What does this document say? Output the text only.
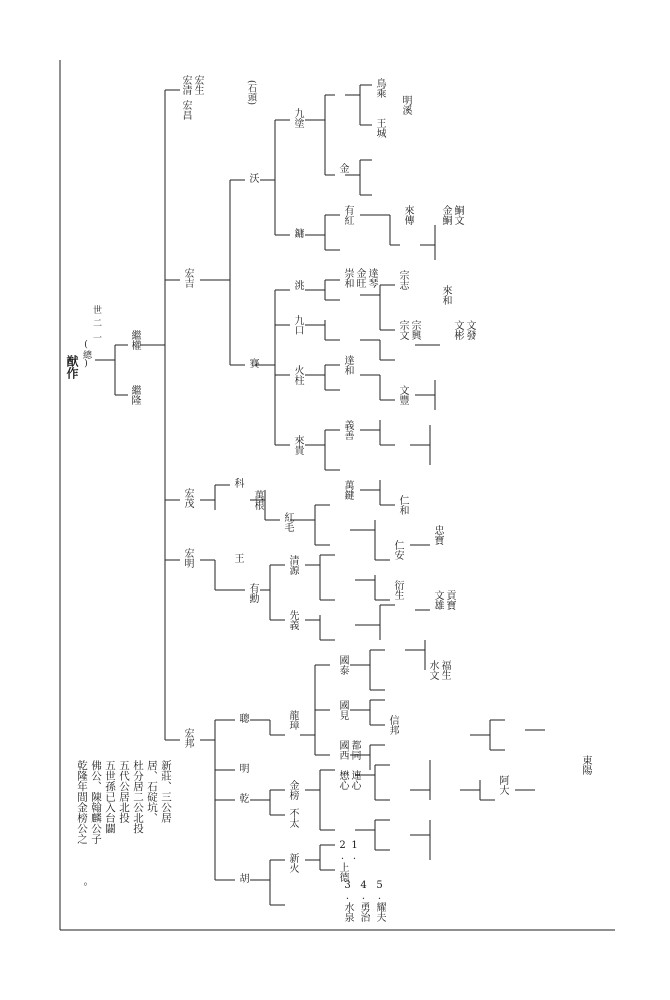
二
一
世
猷作 (總)	繼權
繼隆
(石頭)
宏昌
宏清 宏生
宏吉
宏茂
宏明
宏邦
沃
鏞
賽
科
王
有勳
聰
明
乾
胡
九塗
金
洮
九口
火柱
來貴
萬根
紅毛
清源
先義
龍璋
金榜
不太
新火
鳥乘
王城
明溪
有紅	來傳	金鮦 鮦文
崇和 金旺 達琴 宗志
來和
文彬 文發
宗文 宗興
達和
文豐
義善
萬鍵
仁和
忠寶
衍生
仁安
文雄 貢寶
國泰
國見
國西 都同
水文 福生
信邦
懋心 連心	阿大
東陽
3.水泉 4.勇治 5.耀夫
2.上德 1.
乾隆年間金榜公之 佛公、陳翰麟公子 五世孫已入台闢 五代公居北投 杜分居二公北投 居、石碇坑、 新莊、三公居
。
